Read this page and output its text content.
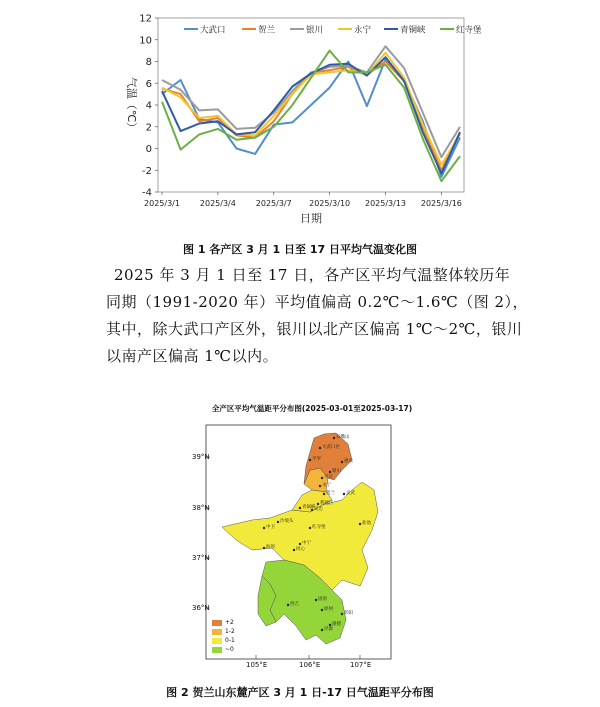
-4
-2
0
2
4
6
8
10
12
2025/3/1 2025/3/4 2025/3/7 2025/3/10 2025/3/13 2025/3/16
日期
气温（℃）
大武口	贺兰	银川	永宁	青铜峡	红寺堡
图 1 各产区 3 月 1 日至 17 日平均气温变化图
2025 年 3 月 1 日至 17 日，各产区平均气温整体较历年
同期（1991-2020 年）平均值偏高 0.2℃～1.6℃（图 2），
其中，除大武口产区外，银川以北产区偏高 1℃～2℃，银川
以南产区偏高 1℃以内。
全产区平均气温距平分布图(2025-03-01至2025-03-17)
39°N
38°N
37°N
36°N
105°E	106°E	107°E
+2
1-2
0-1
~0
石嘴山
大武口区
平罗	惠农
银川
兴庆
永宁
贺兰 灵武
利通区
吴忠
青铜峡
红寺堡
中卫
沙坡头
中宁
海原	同心
盐池
固原
原州
西吉
隆德
泾源
彭阳
图 2 贺兰山东麓产区 3 月 1 日-17 日气温距平分布图
